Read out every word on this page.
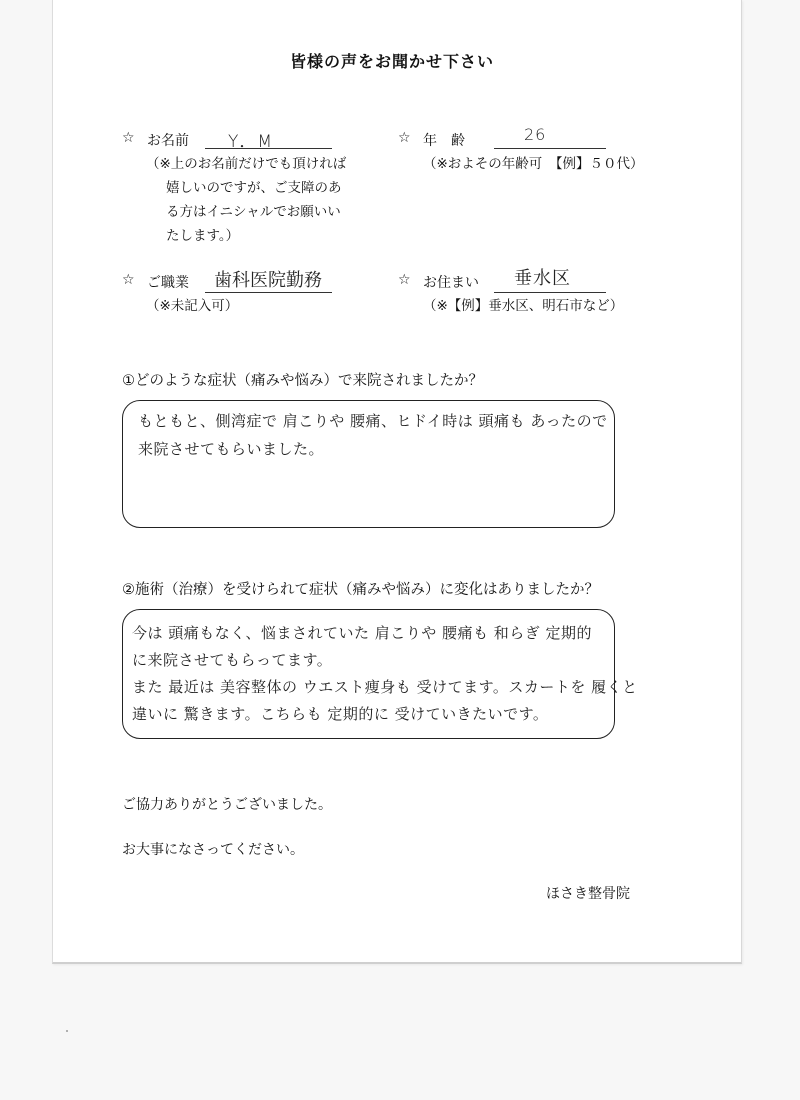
皆様の声をお聞かせ下さい
☆ お名前 Y．M
（※上のお名前だけでも頂ければ
嬉しいのですが、ご支障のあ
る方はイニシャルでお願いい
たします。）
☆ 年　齢	26
（※およその年齢可　【例】５０代）
☆ ご職業 歯科医院勤務
（※未記入可）
☆ お住まい 垂水区
（※【例】垂水区、明石市など）
①どのような症状（痛みや悩み）で来院されましたか？
もともと、側湾症で 肩こりや 腰痛、ヒドイ時は 頭痛も あったので
来院させてもらいました。
②施術（治療）を受けられて症状（痛みや悩み）に変化はありましたか？
今は 頭痛もなく、悩まされていた 肩こりや 腰痛も 和らぎ 定期的
に来院させてもらってます。
また 最近は 美容整体の ウエスト痩身も 受けてます。スカートを 履くと
違いに 驚きます。こちらも 定期的に 受けていきたいです。
ご協力ありがとうございました。
お大事になさってください。
ほさき整骨院
